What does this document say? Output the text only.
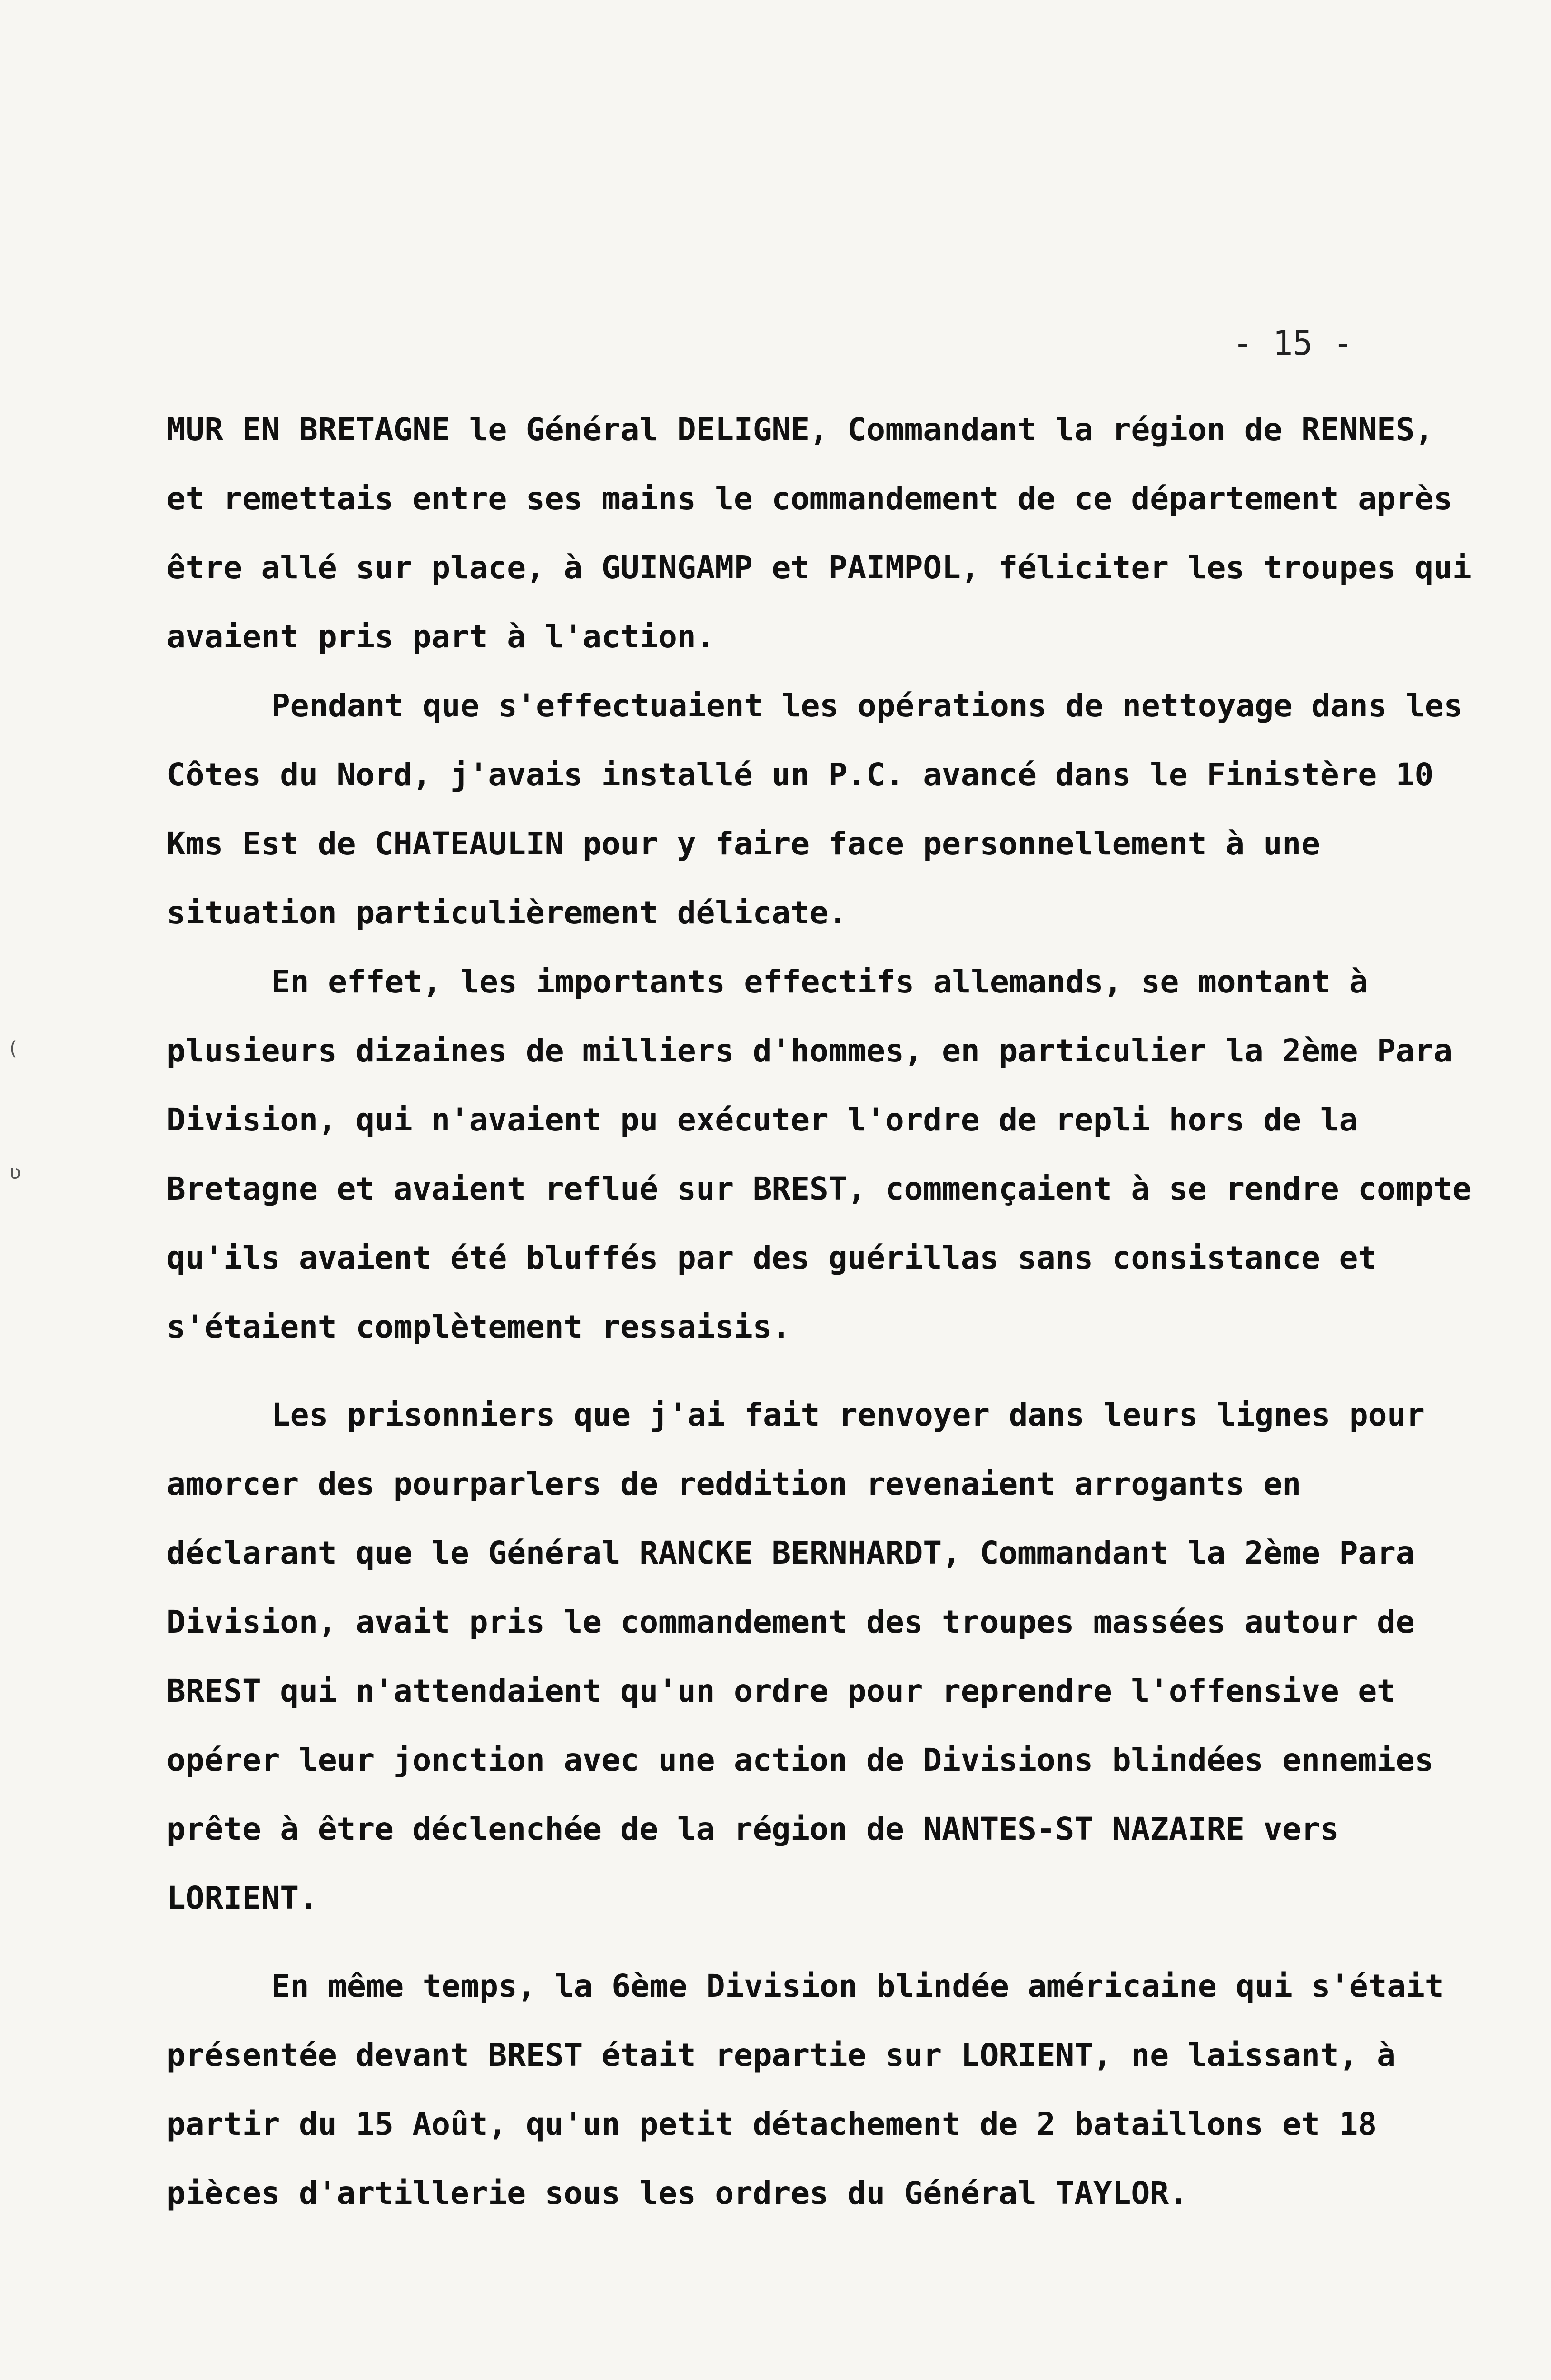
- 15 -
(
ʋ

MUR EN BRETAGNE le Général DELIGNE, Commandant la région de RENNES, et remettais entre ses mains le commandement de ce département après être allé sur place, à GUINGAMP et PAIMPOL, féliciter les troupes qui avaient pris part à l'action.

Pendant que s'effectuaient les opérations de nettoyage dans les Côtes du Nord, j'avais installé un P.C. avancé dans le Finistère 10 Kms Est de CHATEAULIN pour y faire face personnellement à une situation particulièrement délicate.

En effet, les importants effectifs allemands, se montant à plusieurs dizaines de milliers d'hommes, en particulier la 2ème Para Division, qui n'avaient pu exécuter l'ordre de repli hors de la Bretagne et avaient reflué sur BREST, commençaient à se rendre compte qu'ils avaient été bluffés par des guérillas sans consistance et s'étaient complètement ressaisis.

Les prisonniers que j'ai fait renvoyer dans leurs lignes pour amorcer des pourparlers de reddition revenaient arrogants en déclarant que le Général RANCKE BERNHARDT, Commandant la 2ème Para Division, avait pris le commandement des troupes massées autour de BREST qui n'attendaient qu'un ordre pour reprendre l'offensive et opérer leur jonction avec une action de Divisions blindées ennemies prête à être déclenchée de la région de NANTES-ST NAZAIRE vers LORIENT.

En même temps, la 6ème Division blindée américaine qui s'était présentée devant BREST était repartie sur LORIENT, ne laissant, à partir du 15 Août, qu'un petit détachement de 2 bataillons et 18 pièces d'artillerie sous les ordres du Général TAYLOR.
